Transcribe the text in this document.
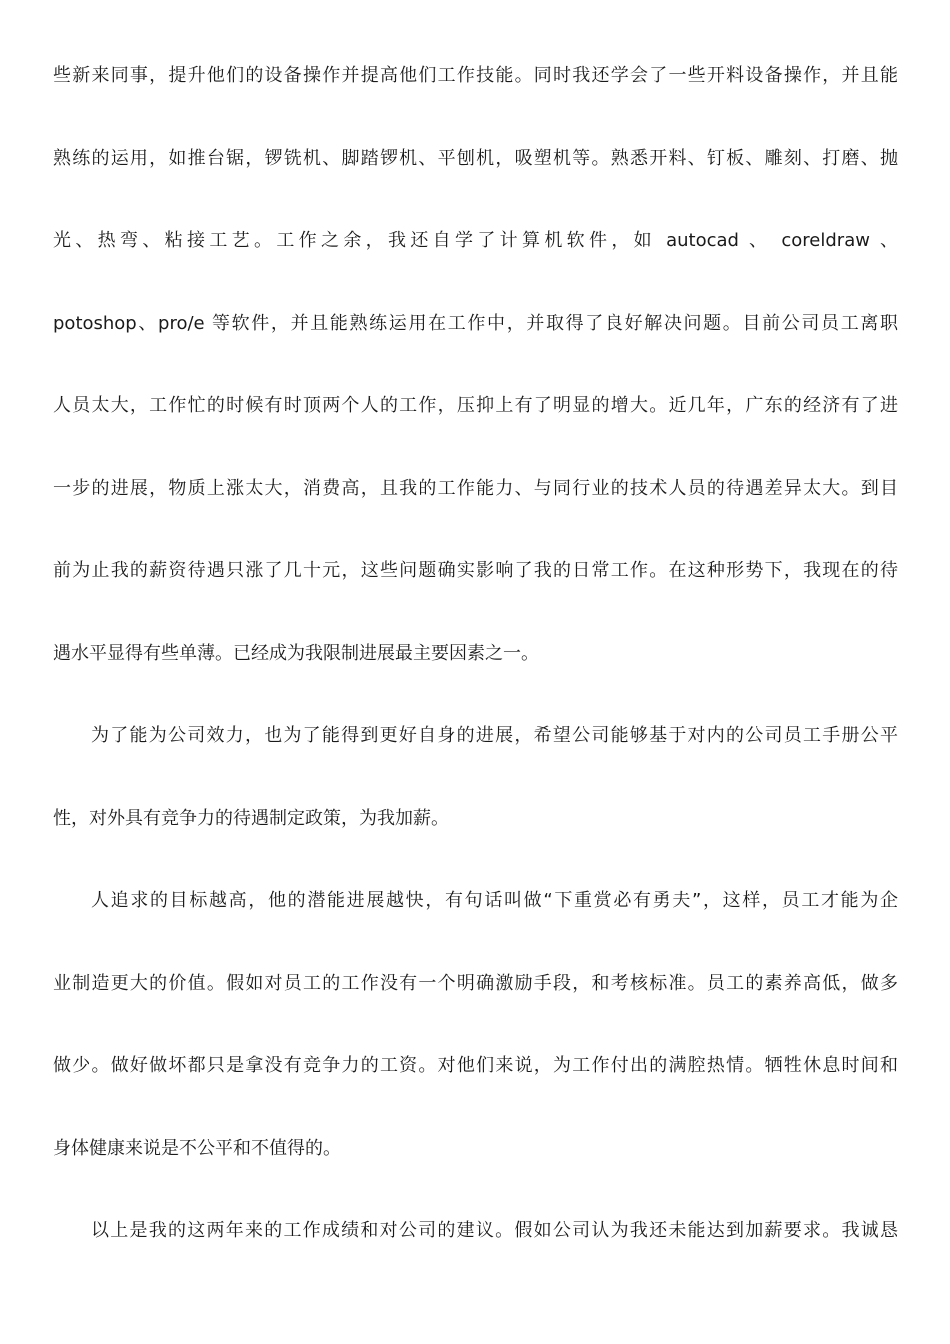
些新来同事，提升他们的设备操作并提高他们工作技能。同时我还学会了一些开料设备操作，并且能
熟练的运用，如推台锯，锣铣机、脚踏锣机、平刨机，吸塑机等。熟悉开料、钉板、雕刻、打磨、抛
光、热弯、粘接工艺。工作之余，我还自学了计算机软件，如 autocad 、 coreldraw 、
potoshop、pro/e 等软件，并且能熟练运用在工作中，并取得了良好解决问题。目前公司员工离职
人员太大，工作忙的时候有时顶两个人的工作，压抑上有了明显的增大。近几年，广东的经济有了进
一步的进展，物质上涨太大，消费高，且我的工作能力、与同行业的技术人员的待遇差异太大。到目
前为止我的薪资待遇只涨了几十元，这些问题确实影响了我的日常工作。在这种形势下，我现在的待
遇水平显得有些单薄。已经成为我限制进展最主要因素之一。
为了能为公司效力，也为了能得到更好自身的进展，希望公司能够基于对内的公司员工手册公平
性，对外具有竞争力的待遇制定政策，为我加薪。
人追求的目标越高，他的潜能进展越快，有句话叫做“下重赏必有勇夫”，这样，员工才能为企
业制造更大的价值。假如对员工的工作没有一个明确激励手段，和考核标准。员工的素养高低，做多
做少。做好做坏都只是拿没有竞争力的工资。对他们来说，为工作付出的满腔热情。牺牲休息时间和
身体健康来说是不公平和不值得的。
以上是我的这两年来的工作成绩和对公司的建议。假如公司认为我还未能达到加薪要求。我诚恳
